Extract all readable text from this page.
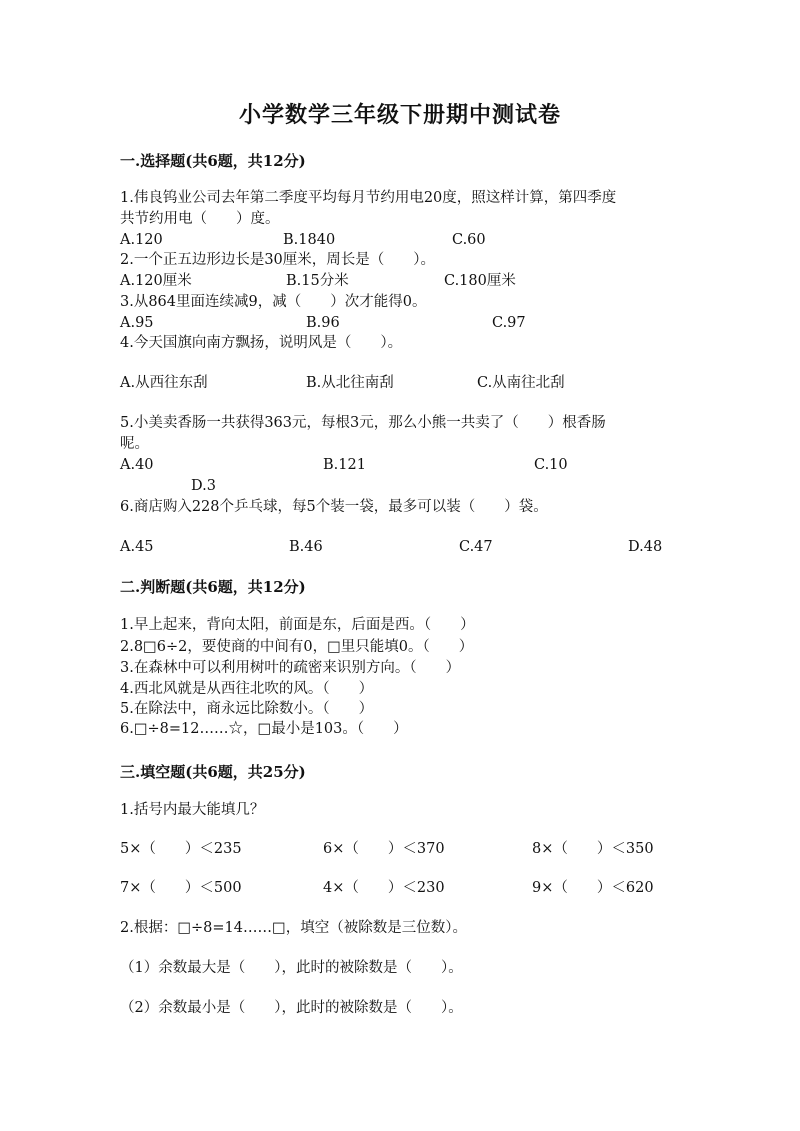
小学数学三年级下册期中测试卷
一.选择题(共6题，共12分)
1.伟良钨业公司去年第二季度平均每月节约用电20度，照这样计算，第四季度
共节约用电（　　）度。
A.120	B.1840	C.60
2.一个正五边形边长是30厘米，周长是（　　）。
A.120厘米	B.15分米	C.180厘米
3.从864里面连续减9，减（　　）次才能得0。
A.95	B.96	C.97
4.今天国旗向南方飘扬，说明风是（　　）。
A.从西往东刮	B.从北往南刮	C.从南往北刮
5.小美卖香肠一共获得363元，每根3元，那么小熊一共卖了（　　）根香肠
呢。
A.40	B.121	C.10
D.3
6.商店购入228个乒乓球，每5个装一袋，最多可以装（　　）袋。
A.45	B.46	C.47	D.48
二.判断题(共6题，共12分)
1.早上起来，背向太阳，前面是东，后面是西。（　　）
2.8□6÷2，要使商的中间有0，□里只能填0。（　　）
3.在森林中可以利用树叶的疏密来识别方向。（　　）
4.西北风就是从西往北吹的风。（　　）
5.在除法中，商永远比除数小。（　　）
6.□÷8=12……☆，□最小是103。（　　）
三.填空题(共6题，共25分)
1.括号内最大能填几？
5×（　　）＜235	6×（　　）＜370	8×（　　）＜350
7×（　　）＜500	4×（　　）＜230	9×（　　）＜620
2.根据：□÷8=14……□，填空（被除数是三位数）。
（1）余数最大是（　　），此时的被除数是（　　）。
（2）余数最小是（　　），此时的被除数是（　　）。
